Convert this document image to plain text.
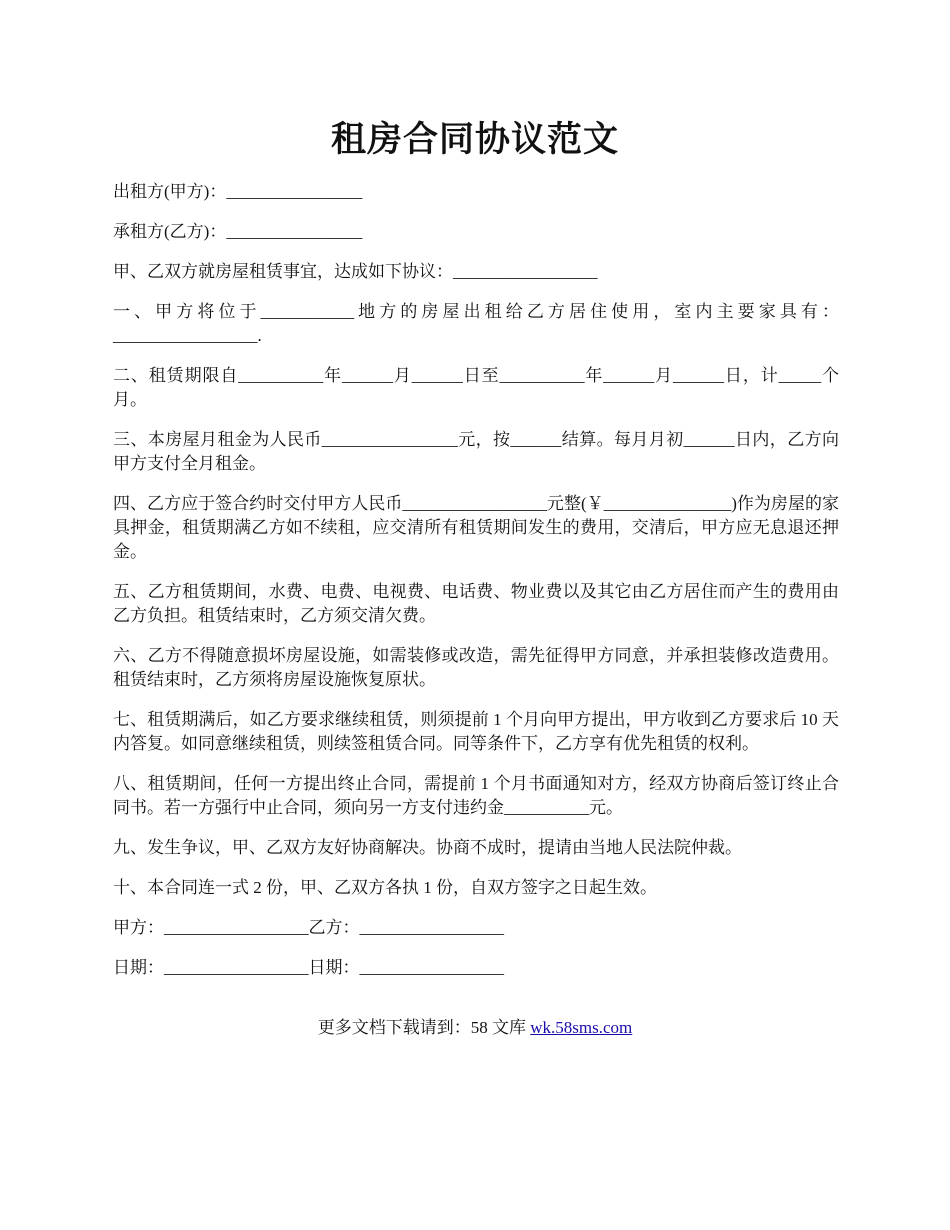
租房合同协议范文

出租方(甲方)：________________

承租方(乙方)：________________

甲、乙双方就房屋租赁事宜，达成如下协议：_________________

一、甲方将位于___________地方的房屋出租给乙方居住使用，室内主要家具有：_________________.

二、租赁期限自__________年______月______日至__________年______月______日，计_____个月。

三、本房屋月租金为人民币________________元，按______结算。每月月初______日内，乙方向甲方支付全月租金。

四、乙方应于签合约时交付甲方人民币_________________元整(￥_______________)作为房屋的家具押金，租赁期满乙方如不续租，应交清所有租赁期间发生的费用，交清后，甲方应无息退还押金。

五、乙方租赁期间，水费、电费、电视费、电话费、物业费以及其它由乙方居住而产生的费用由乙方负担。租赁结束时，乙方须交清欠费。

六、乙方不得随意损坏房屋设施，如需装修或改造，需先征得甲方同意，并承担装修改造费用。租赁结束时，乙方须将房屋设施恢复原状。

七、租赁期满后，如乙方要求继续租赁，则须提前 1 个月向甲方提出，甲方收到乙方要求后 10 天内答复。如同意继续租赁，则续签租赁合同。同等条件下，乙方享有优先租赁的权利。

八、租赁期间，任何一方提出终止合同，需提前 1 个月书面通知对方，经双方协商后签订终止合同书。若一方强行中止合同，须向另一方支付违约金__________元。

九、发生争议，甲、乙双方友好协商解决。协商不成时，提请由当地人民法院仲裁。

十、本合同连一式 2 份，甲、乙双方各执 1 份，自双方签字之日起生效。

甲方：_________________乙方：_________________

日期：_________________日期：_________________

更多文档下载请到：58 文库 wk.58sms.com
